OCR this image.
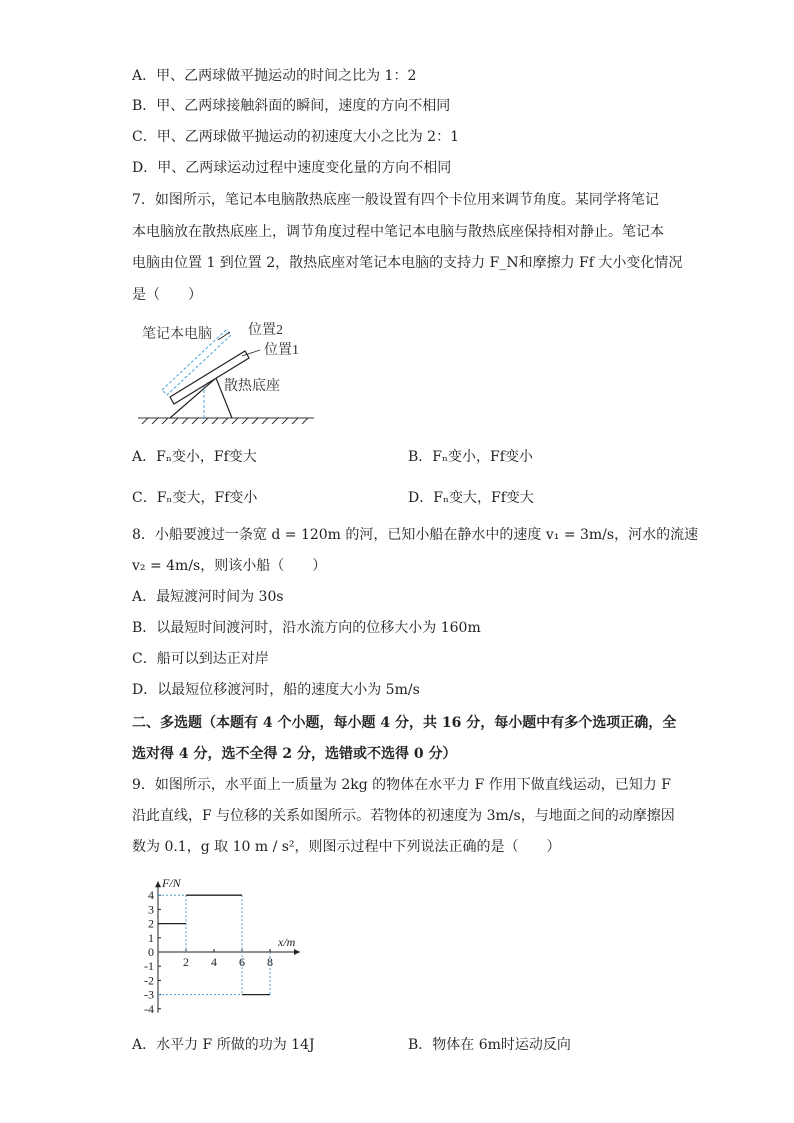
A．甲、乙两球做平抛运动的时间之比为 1：2
B．甲、乙两球接触斜面的瞬间，速度的方向不相同
C．甲、乙两球做平抛运动的初速度大小之比为 2：1
D．甲、乙两球运动过程中速度变化量的方向不相同
7．如图所示，笔记本电脑散热底座一般设置有四个卡位用来调节角度。某同学将笔记
本电脑放在散热底座上，调节角度过程中笔记本电脑与散热底座保持相对静止。笔记本
电脑由位置 1 到位置 2，散热底座对笔记本电脑的支持力 F_N和摩擦力 Ff 大小变化情况
是（　　）
笔记本电脑	位置2
位置1
散热底座
A．Fₙ变小，Ff变大	B．Fₙ变小，Ff变小
C．Fₙ变大，Ff变小	D．Fₙ变大，Ff变大
8．小船要渡过一条宽 d = 120m 的河，已知小船在静水中的速度 v₁ = 3m/s，河水的流速
v₂ = 4m/s，则该小船（　　）
A．最短渡河时间为 30s
B．以最短时间渡河时，沿水流方向的位移大小为 160m
C．船可以到达正对岸
D．以最短位移渡河时，船的速度大小为 5m/s
二、多选题（本题有 4 个小题，每小题 4 分，共 16 分，每小题中有多个选项正确，全
选对得 4 分，选不全得 2 分，选错或不选得 0 分）
9．如图所示，水平面上一质量为 2kg 的物体在水平力 F 作用下做直线运动，已知力 F
沿此直线，F 与位移的关系如图所示。若物体的初速度为 3m/s，与地面之间的动摩擦因
数为 0.1，g 取 10 m / s²，则图示过程中下列说法正确的是（　　）
F/N
x/m
4
3
2
1
0
-1
-2
-3
-4
2 4 6 8
A．水平力 F 所做的功为 14J	B．物体在 6m时运动反向
